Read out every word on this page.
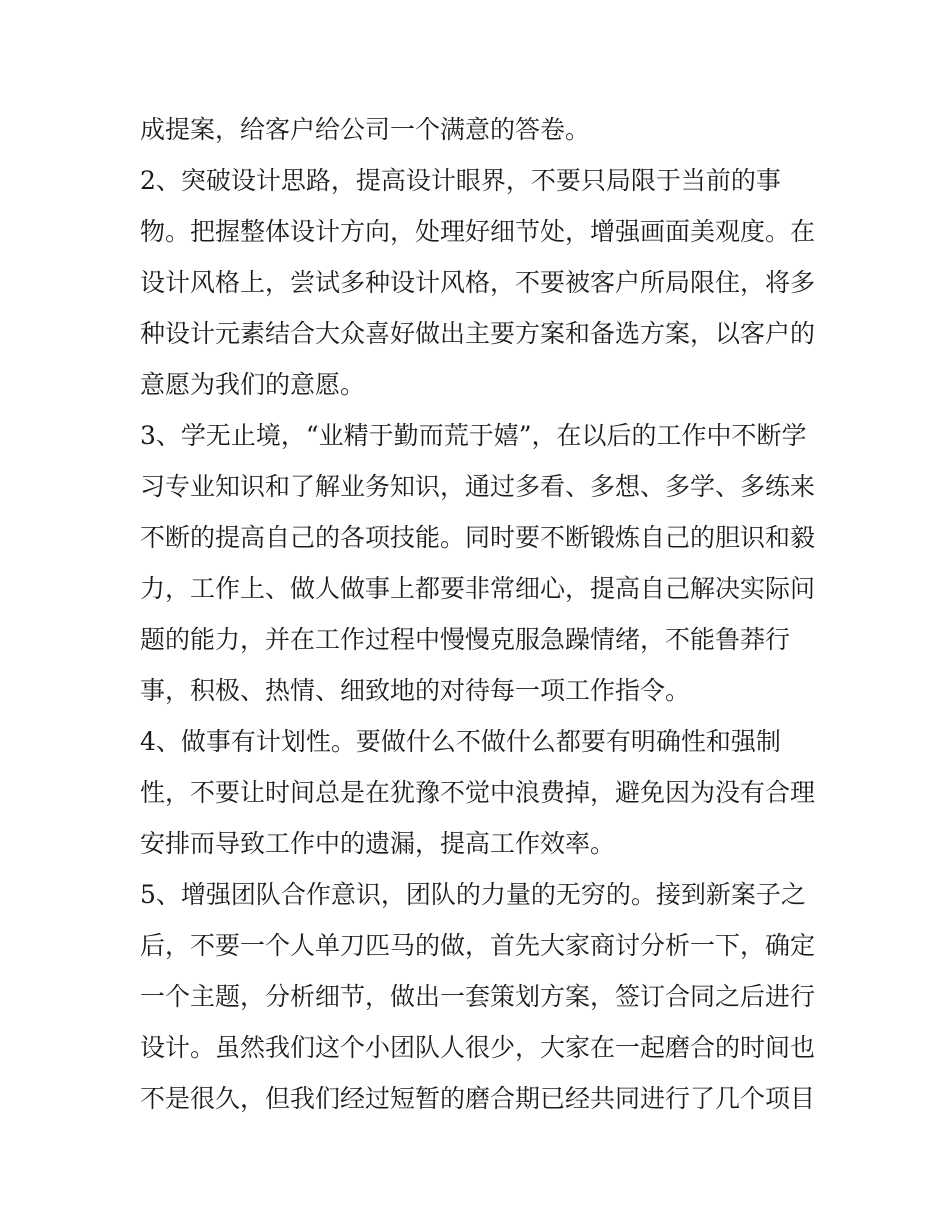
成提案，给客户给公司一个满意的答卷。
2、突破设计思路，提高设计眼界，不要只局限于当前的事
物。把握整体设计方向，处理好细节处，增强画面美观度。在
设计风格上，尝试多种设计风格，不要被客户所局限住，将多
种设计元素结合大众喜好做出主要方案和备选方案，以客户的
意愿为我们的意愿。
3、学无止境，“业精于勤而荒于嬉”，在以后的工作中不断学
习专业知识和了解业务知识，通过多看、多想、多学、多练来
不断的提高自己的各项技能。同时要不断锻炼自己的胆识和毅
力，工作上、做人做事上都要非常细心，提高自己解决实际问
题的能力，并在工作过程中慢慢克服急躁情绪，不能鲁莽行
事，积极、热情、细致地的对待每一项工作指令。
4、做事有计划性。要做什么不做什么都要有明确性和强制
性，不要让时间总是在犹豫不觉中浪费掉，避免因为没有合理
安排而导致工作中的遗漏，提高工作效率。
5、增强团队合作意识，团队的力量的无穷的。接到新案子之
后，不要一个人单刀匹马的做，首先大家商讨分析一下，确定
一个主题，分析细节，做出一套策划方案，签订合同之后进行
设计。虽然我们这个小团队人很少，大家在一起磨合的时间也
不是很久，但我们经过短暂的磨合期已经共同进行了几个项目
